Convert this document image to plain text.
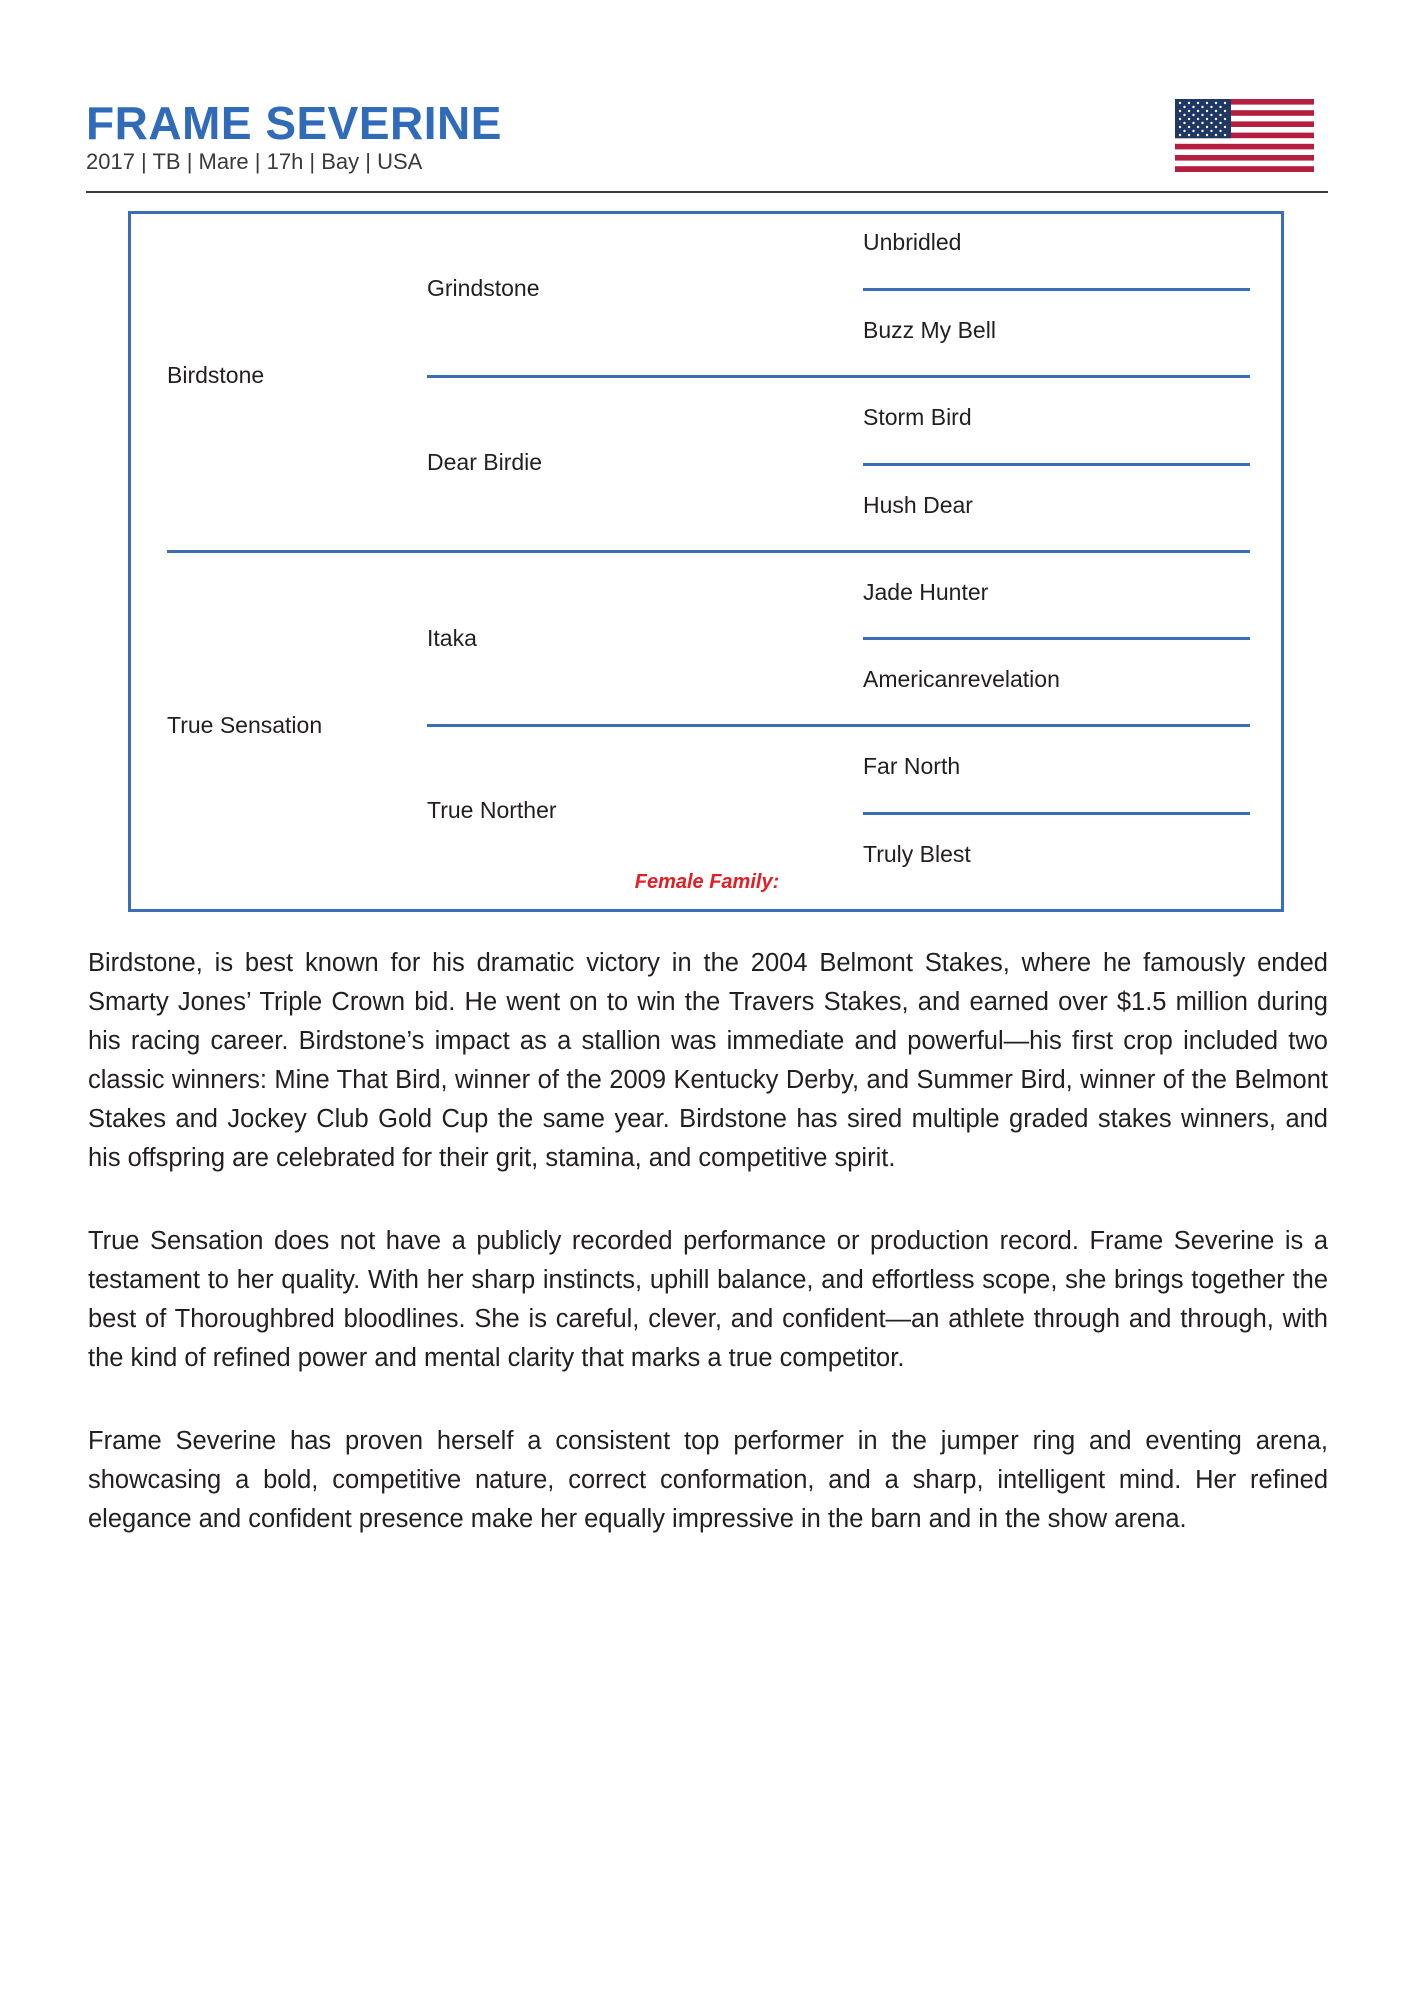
FRAME SEVERINE
2017 | TB | Mare | 17h | Bay | USA
Birdstone
True Sensation
Grindstone
Dear Birdie
Itaka
True Norther
Unbridled
Buzz My Bell
Storm Bird
Hush Dear
Jade Hunter
Americanrevelation
Far North
Truly Blest
Female Family:

Birdstone, is best known for his dramatic victory in the 2004 Belmont Stakes, where he famously ended Smarty Jones’ Triple Crown bid. He went on to win the Travers Stakes, and earned over $1.5 million during his racing career. Birdstone’s impact as a stallion was immediate and powerful—his first crop included two classic winners: Mine That Bird, winner of the 2009 Kentucky Derby, and Summer Bird, winner of the Belmont Stakes and Jockey Club Gold Cup the same year. Birdstone has sired multiple graded stakes winners, and his offspring are celebrated for their grit, stamina, and competitive spirit.

True Sensation does not have a publicly recorded performance or production record. Frame Severine is a testament to her quality. With her sharp instincts, uphill balance, and effortless scope, she brings together the best of Thoroughbred bloodlines. She is careful, clever, and confident—an athlete through and through, with the kind of refined power and mental clarity that marks a true competitor.

Frame Severine has proven herself a consistent top performer in the jumper ring and eventing arena, showcasing a bold, competitive nature, correct conformation, and a sharp, intelligent mind. Her refined elegance and confident presence make her equally impressive in the barn and in the show arena.
